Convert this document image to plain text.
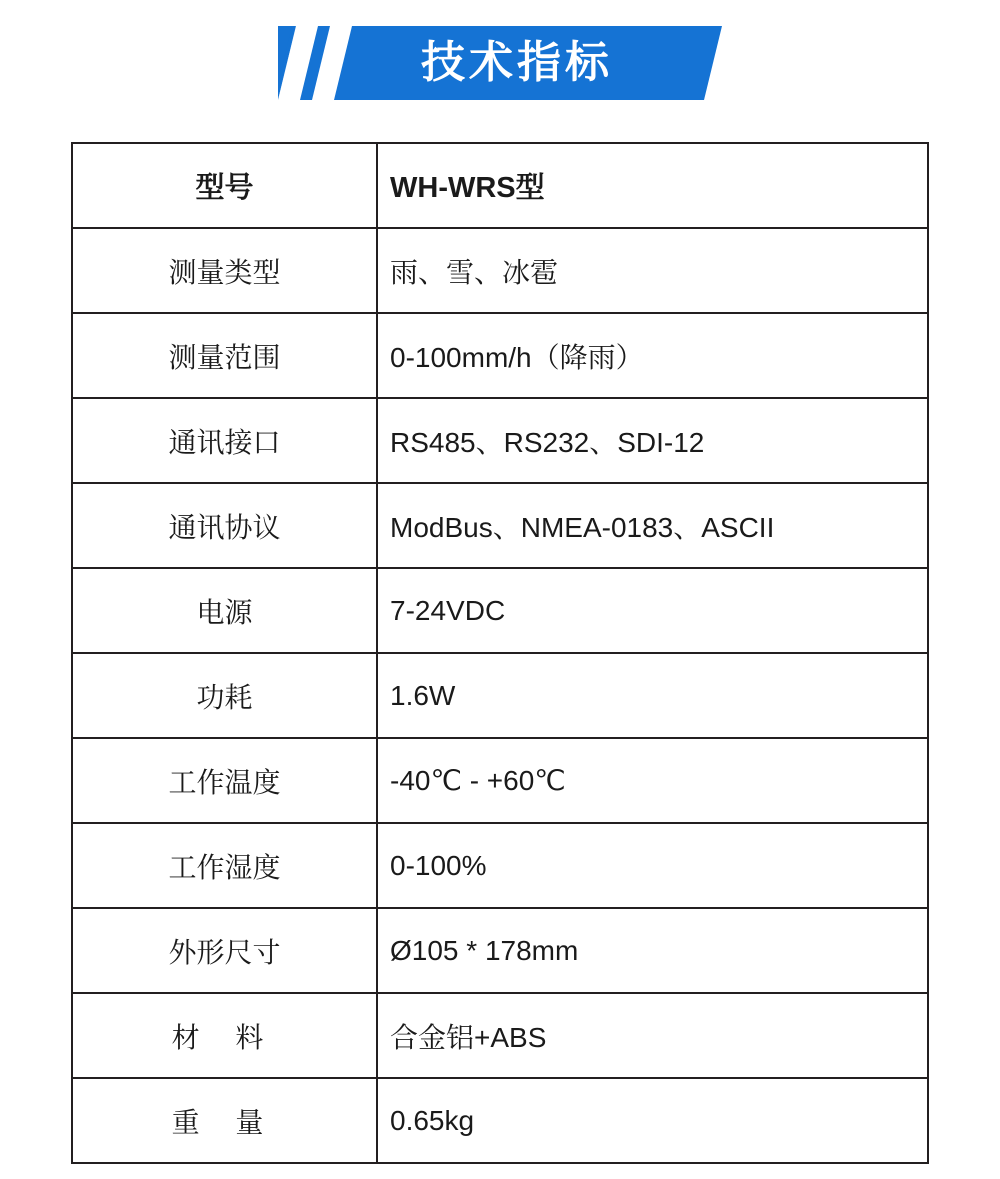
技术指标
型号	WH-WRS型
测量类型	雨、雪、冰雹
测量范围	0-100mm/h（降雨）
通讯接口	RS485、RS232、SDI-12
通讯协议	ModBus、NMEA-0183、ASCII
电源	7-24VDC
功耗	1.6W
工作温度	-40℃ - +60℃
工作湿度	0-100%
外形尺寸	Ø105 * 178mm
材 料	合金铝+ABS
重 量	0.65kg
